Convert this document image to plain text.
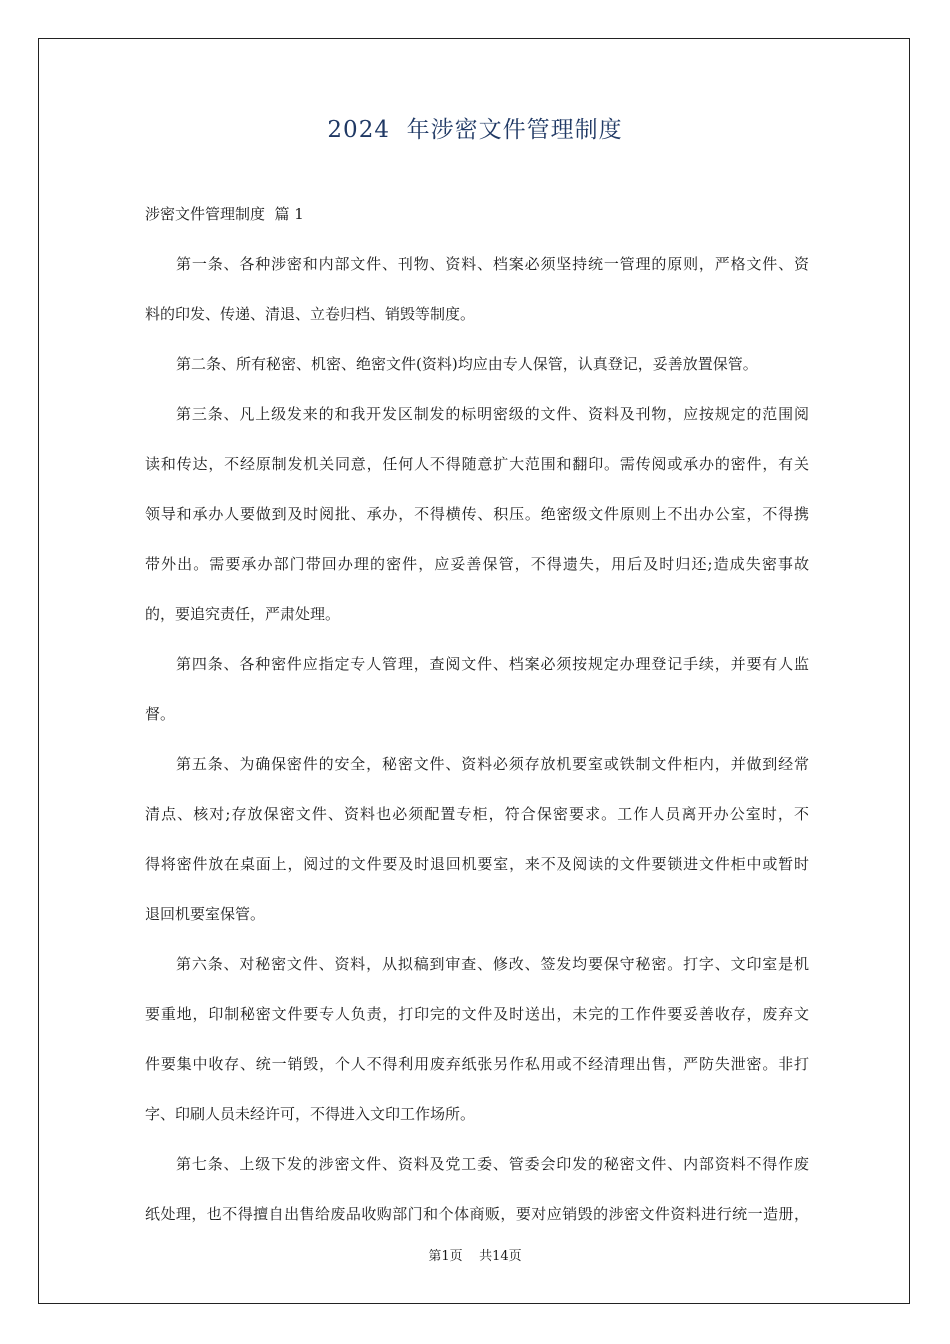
2024  年涉密文件管理制度
涉密文件管理制度  篇 1
第一条、各种涉密和内部文件、刊物、资料、档案必须坚持统一管理的原则，严格文件、资
料的印发、传递、清退、立卷归档、销毁等制度。
第二条、所有秘密、机密、绝密文件(资料)均应由专人保管，认真登记，妥善放置保管。
第三条、凡上级发来的和我开发区制发的标明密级的文件、资料及刊物，应按规定的范围阅
读和传达，不经原制发机关同意，任何人不得随意扩大范围和翻印。需传阅或承办的密件，有关
领导和承办人要做到及时阅批、承办，不得横传、积压。绝密级文件原则上不出办公室，不得携
带外出。需要承办部门带回办理的密件，应妥善保管，不得遗失，用后及时归还;造成失密事故
的，要追究责任，严肃处理。
第四条、各种密件应指定专人管理，查阅文件、档案必须按规定办理登记手续，并要有人监
督。
第五条、为确保密件的安全，秘密文件、资料必须存放机要室或铁制文件柜内，并做到经常
清点、核对;存放保密文件、资料也必须配置专柜，符合保密要求。工作人员离开办公室时，不
得将密件放在桌面上，阅过的文件要及时退回机要室，来不及阅读的文件要锁进文件柜中或暂时
退回机要室保管。
第六条、对秘密文件、资料，从拟稿到审查、修改、签发均要保守秘密。打字、文印室是机
要重地，印制秘密文件要专人负责，打印完的文件及时送出，未完的工作件要妥善收存，废弃文
件要集中收存、统一销毁，个人不得利用废弃纸张另作私用或不经清理出售，严防失泄密。非打
字、印刷人员未经许可，不得进入文印工作场所。
第七条、上级下发的涉密文件、资料及党工委、管委会印发的秘密文件、内部资料不得作废
纸处理，也不得擅自出售给废品收购部门和个体商贩，要对应销毁的涉密文件资料进行统一造册，
第1页    共14页
